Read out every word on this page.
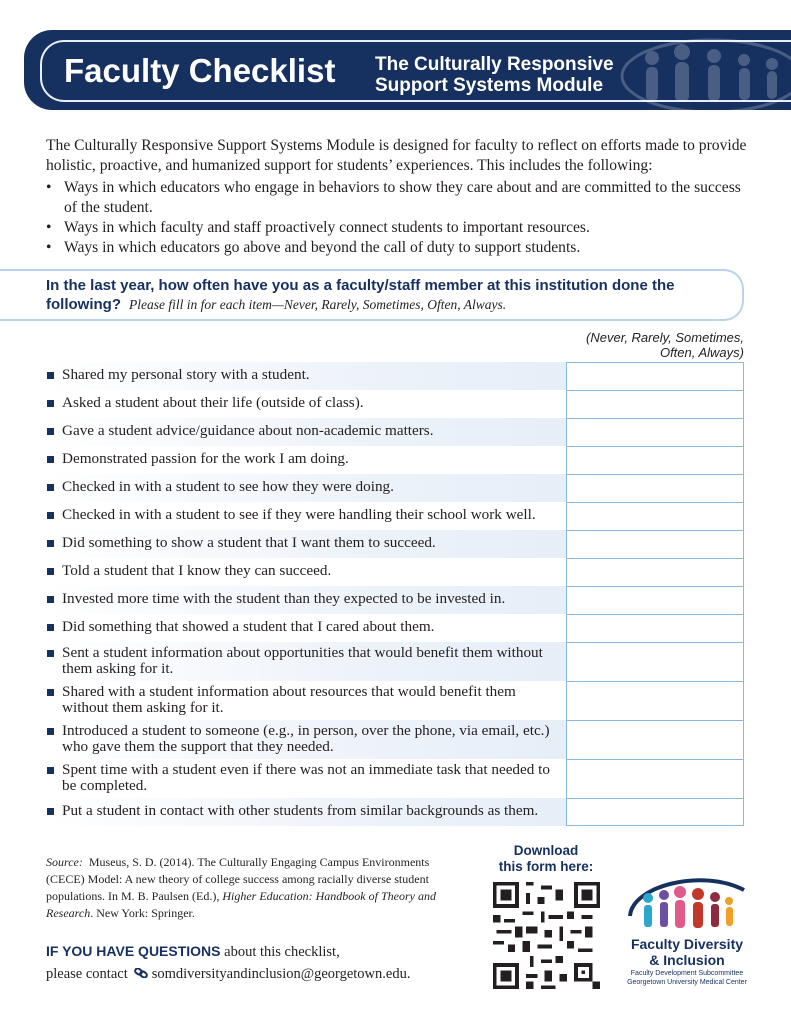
Faculty Checklist The Culturally Responsive
Support Systems Module

The Culturally Responsive Support Systems Module is designed for faculty to reflect on efforts made to provide holistic, proactive, and humanized support for students’ experiences. This includes the following:

• Ways in which educators who engage in behaviors to show they care about and are committed to the success of the student.
• Ways in which faculty and staff proactively connect students to important resources.
• Ways in which educators go above and beyond the call of duty to support students.
In the last year, how often have you as a faculty/staff member at this institution done the following? Please fill in for each item—Never, Rarely, Sometimes, Often, Always.
(Never, Rarely, Sometimes,
Often, Always)
Shared my personal story with a student.
Asked a student about their life (outside of class).
Gave a student advice/guidance about non-academic matters.
Demonstrated passion for the work I am doing.
Checked in with a student to see how they were doing.
Checked in with a student to see if they were handling their school work well.
Did something to show a student that I want them to succeed.
Told a student that I know they can succeed.
Invested more time with the student than they expected to be invested in.
Did something that showed a student that I cared about them.
Sent a student information about opportunities that would benefit them without them asking for it.
Shared with a student information about resources that would benefit them without them asking for it.
Introduced a student to someone (e.g., in person, over the phone, via email, etc.) who gave them the support that they needed.
Spent time with a student even if there was not an immediate task that needed to be completed.
Put a student in contact with other students from similar backgrounds as them.
Source: Museus, S. D. (2014). The Culturally Engaging Campus Environments (CECE) Model: A new theory of college success among racially diverse student populations. In M. B. Paulsen (Ed.), Higher Education: Handbook of Theory and Research. New York: Springer.
IF YOU HAVE QUESTIONS about this checklist,
please contact somdiversityandinclusion@georgetown.edu.
Download
this form here:
Faculty Diversity
& Inclusion
Faculty Development Subcommittee
Georgetown University Medical Center
